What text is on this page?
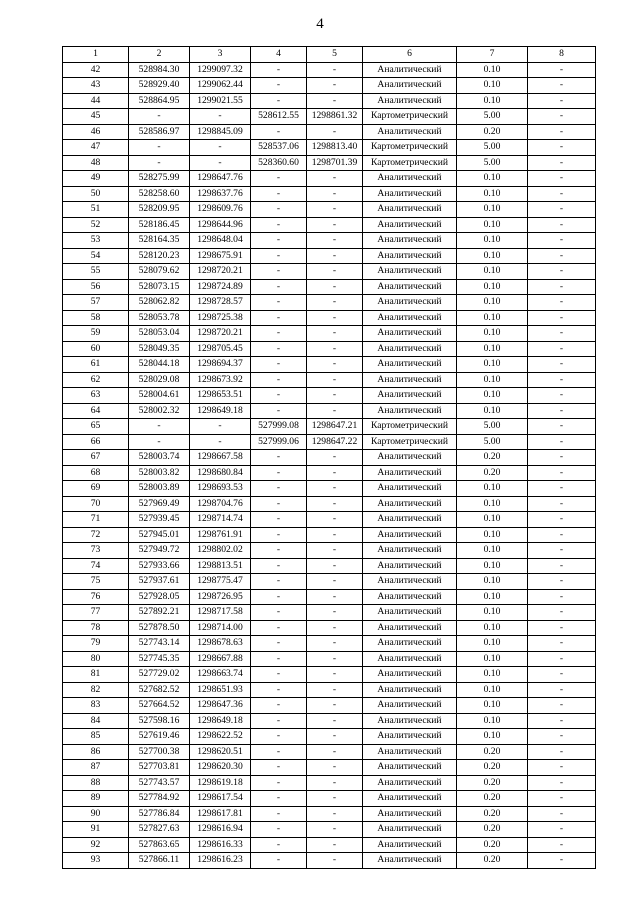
4
1	2	3	4	5	6	7	8
42	528984.30	1299097.32	-	-	Аналитический	0.10	-
43	528929.40	1299062.44	-	-	Аналитический	0.10	-
44	528864.95	1299021.55	-	-	Аналитический	0.10	-
45	-	-	528612.55	1298861.32	Картометрический	5.00	-
46	528586.97	1298845.09	-	-	Аналитический	0.20	-
47	-	-	528537.06	1298813.40	Картометрический	5.00	-
48	-	-	528360.60	1298701.39	Картометрический	5.00	-
49	528275.99	1298647.76	-	-	Аналитический	0.10	-
50	528258.60	1298637.76	-	-	Аналитический	0.10	-
51	528209.95	1298609.76	-	-	Аналитический	0.10	-
52	528186.45	1298644.96	-	-	Аналитический	0.10	-
53	528164.35	1298648.04	-	-	Аналитический	0.10	-
54	528120.23	1298675.91	-	-	Аналитический	0.10	-
55	528079.62	1298720.21	-	-	Аналитический	0.10	-
56	528073.15	1298724.89	-	-	Аналитический	0.10	-
57	528062.82	1298728.57	-	-	Аналитический	0.10	-
58	528053.78	1298725.38	-	-	Аналитический	0.10	-
59	528053.04	1298720.21	-	-	Аналитический	0.10	-
60	528049.35	1298705.45	-	-	Аналитический	0.10	-
61	528044.18	1298694.37	-	-	Аналитический	0.10	-
62	528029.08	1298673.92	-	-	Аналитический	0.10	-
63	528004.61	1298653.51	-	-	Аналитический	0.10	-
64	528002.32	1298649.18	-	-	Аналитический	0.10	-
65	-	-	527999.08	1298647.21	Картометрический	5.00	-
66	-	-	527999.06	1298647.22	Картометрический	5.00	-
67	528003.74	1298667.58	-	-	Аналитический	0.20	-
68	528003.82	1298680.84	-	-	Аналитический	0.20	-
69	528003.89	1298693.53	-	-	Аналитический	0.10	-
70	527969.49	1298704.76	-	-	Аналитический	0.10	-
71	527939.45	1298714.74	-	-	Аналитический	0.10	-
72	527945.01	1298761.91	-	-	Аналитический	0.10	-
73	527949.72	1298802.02	-	-	Аналитический	0.10	-
74	527933.66	1298813.51	-	-	Аналитический	0.10	-
75	527937.61	1298775.47	-	-	Аналитический	0.10	-
76	527928.05	1298726.95	-	-	Аналитический	0.10	-
77	527892.21	1298717.58	-	-	Аналитический	0.10	-
78	527878.50	1298714.00	-	-	Аналитический	0.10	-
79	527743.14	1298678.63	-	-	Аналитический	0.10	-
80	527745.35	1298667.88	-	-	Аналитический	0.10	-
81	527729.02	1298663.74	-	-	Аналитический	0.10	-
82	527682.52	1298651.93	-	-	Аналитический	0.10	-
83	527664.52	1298647.36	-	-	Аналитический	0.10	-
84	527598.16	1298649.18	-	-	Аналитический	0.10	-
85	527619.46	1298622.52	-	-	Аналитический	0.10	-
86	527700.38	1298620.51	-	-	Аналитический	0.20	-
87	527703.81	1298620.30	-	-	Аналитический	0.20	-
88	527743.57	1298619.18	-	-	Аналитический	0.20	-
89	527784.92	1298617.54	-	-	Аналитический	0.20	-
90	527786.84	1298617.81	-	-	Аналитический	0.20	-
91	527827.63	1298616.94	-	-	Аналитический	0.20	-
92	527863.65	1298616.33	-	-	Аналитический	0.20	-
93	527866.11	1298616.23	-	-	Аналитический	0.20	-
